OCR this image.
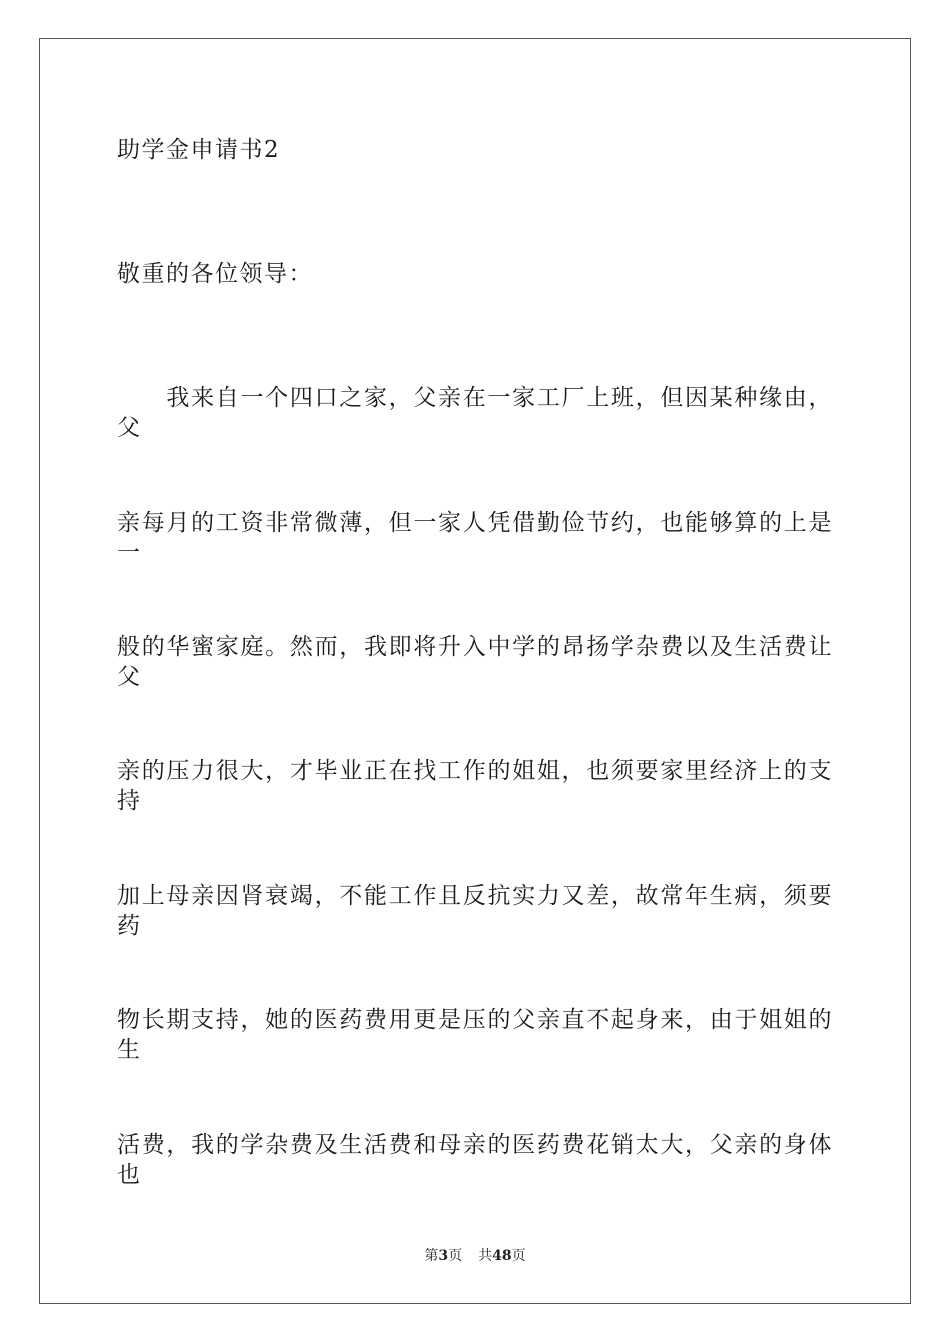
助学金申请书2
敬重的各位领导：
　　我来自一个四口之家，父亲在一家工厂上班，但因某种缘由，父
亲每月的工资非常微薄，但一家人凭借勤俭节约，也能够算的上是一
般的华蜜家庭。然而，我即将升入中学的昂扬学杂费以及生活费让父
亲的压力很大，才毕业正在找工作的姐姐，也须要家里经济上的支持
加上母亲因肾衰竭，不能工作且反抗实力又差，故常年生病，须要药
物长期支持，她的医药费用更是压的父亲直不起身来，由于姐姐的生
活费，我的学杂费及生活费和母亲的医药费花销太大，父亲的身体也
第3页 共48页
